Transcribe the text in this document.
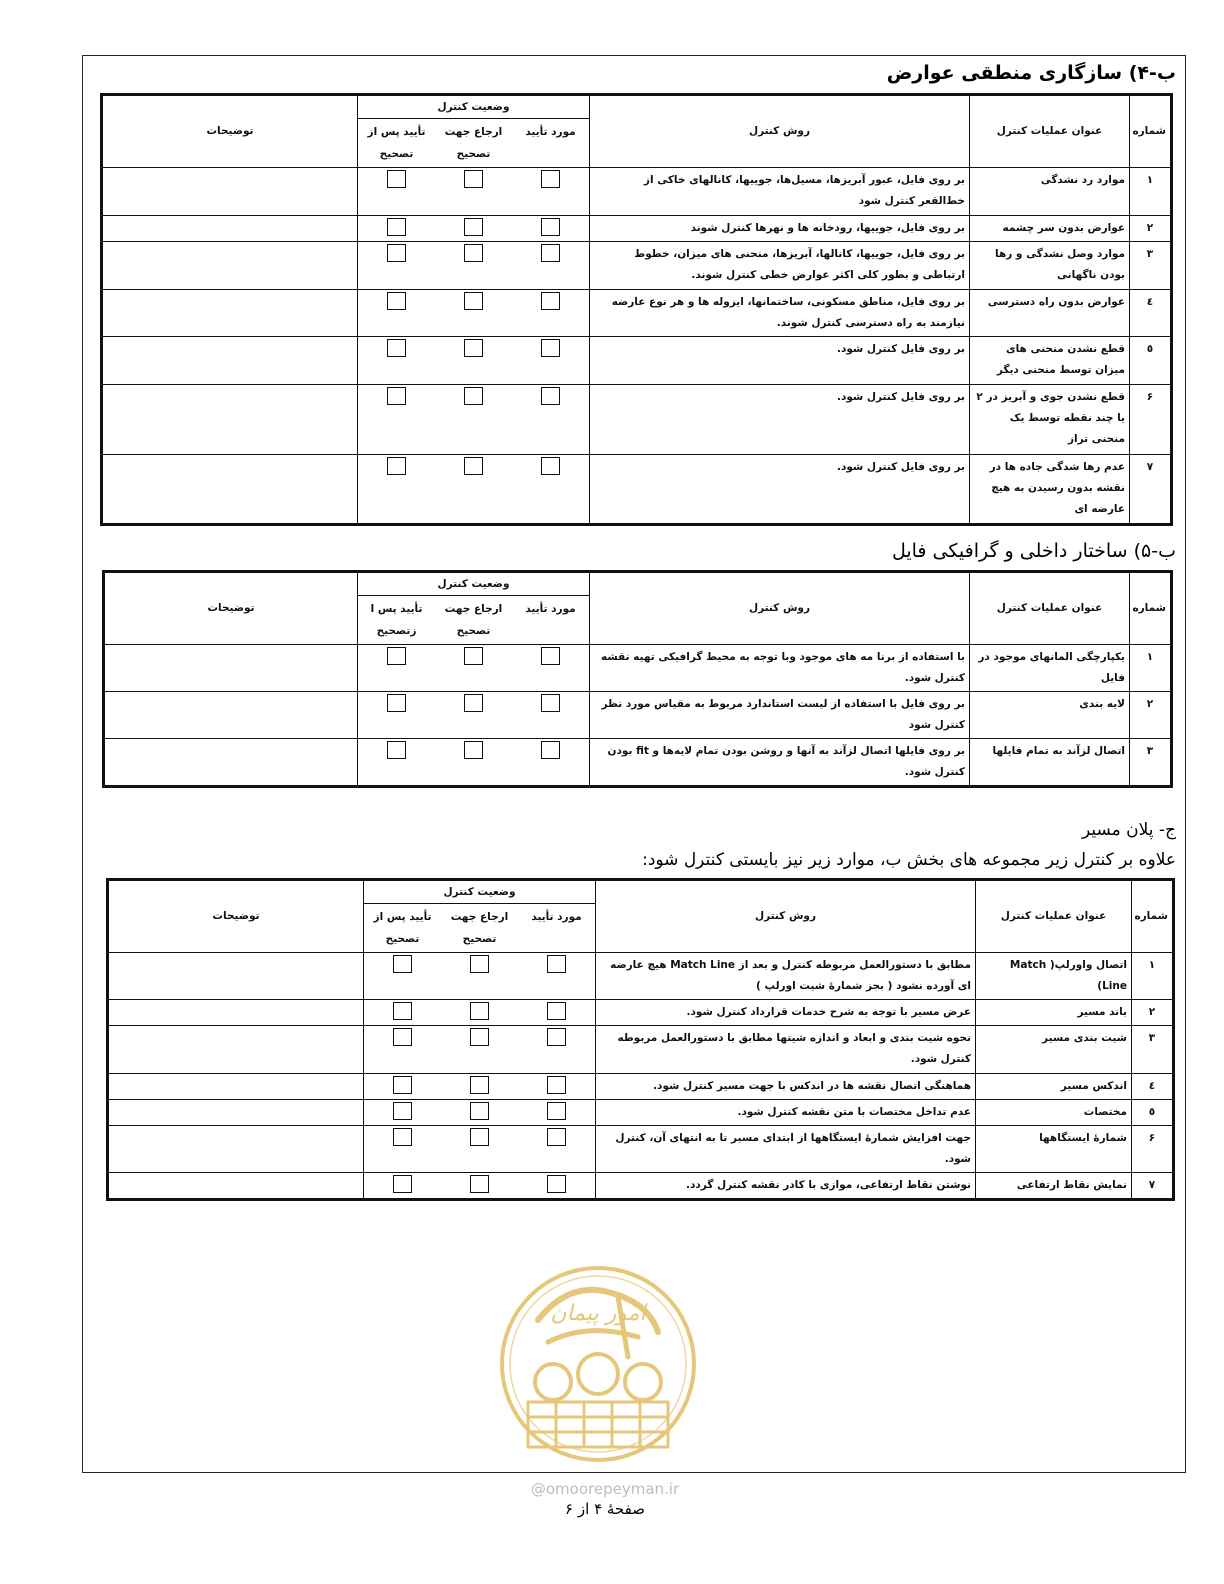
ب-۴) سازگاری منطقی عوارض
شماره	عنوان عملیات کنترل	روش کنترل	وضعیت کنترل
مورد تأیید
ارجاع جهت تصحیح
تأیید پس از تصحیح	توضیحات
۱	موارد رد نشدگی	بر روی فایل، عبور آبریزها، مسیل‌ها، جوییها، کانالهای خاکی از خط‌القعر کنترل شود	

۲	عوارض بدون سر چشمه	بر روی فایل، جوییها، رودخانه ها و نهرها کنترل شوند	

۳	موارد وصل نشدگی و رها بودن ناگهانی	بر روی فایل، جوییها، کانالها، آبریزها، منحنی های میزان، خطوط ارتباطی و بطور کلی اکثر عوارض خطی کنترل شوند.	

٤	عوارض بدون راه دسترسی	بر روی فایل، مناطق مسکونی، ساختمانها، ایزوله ها و هر نوع عارضه نیازمند به راه دسترسی کنترل شوند.	

٥	قطع نشدن منحنی های میزان توسط منحنی دیگر	بر روی فایل کنترل شود.	

۶	قطع نشدن جوی و آبریز در ۲ یا چند نقطه توسط یک منحنی تراز	بر روی فایل کنترل شود.	

۷	عدم رها شدگی جاده ها در نقشه بدون رسیدن به هیچ عارضه ای	بر روی فایل کنترل شود.	

ب-۵) ساختار داخلی و گرافیکی فایل
شماره	عنوان عملیات کنترل	روش کنترل	وضعیت کنترل
مورد تأیید
ارجاع جهت تصحیح
تأیید پس ا زتصحیح	توضیحات
۱	یکپارچگی المانهای موجود در فایل	با استفاده از برنا مه های موجود وبا توجه به محیط گرافیکی تهیه نقشه کنترل شود.	

۲	لایه بندی	بر روی فایل با استفاده از لیست استاندارد مربوط به مقیاس مورد نظر کنترل شود	

۳	اتصال لزآند به تمام فایلها	بر روی فایلها اتصال لزآند به آنها و روشن بودن تمام لایه‌ها و fit بودن کنترل شود.	

ج- پلان مسیر
علاوه بر کنترل زیر مجموعه های بخش ب، موارد زیر نیز بایستی کنترل شود:
شماره	عنوان عملیات کنترل	روش کنترل	وضعیت کنترل
مورد تأیید
ارجاع جهت تصحیح
تأیید پس از تصحیح	توضیحات
۱	اتصال واورلپ( Match Line)	مطابق با دستورالعمل مربوطه کنترل و بعد از Match Line هیچ عارضه ای آورده نشود ( بجز شمارهٔ شیت اورلپ )	

۲	باند مسیر	عرض مسیر با توجه به شرح خدمات قرارداد کنترل شود.	

۳	شیت بندی مسیر	نحوه شیت بندی و ابعاد و اندازه شیتها مطابق با دستورالعمل مربوطه کنترل شود.	

٤	اندکس مسیر	هماهنگی اتصال نقشه ها در اندکس با جهت مسیر کنترل شود.	

٥	مختصات	عدم تداخل مختصات با متن نقشه کنترل شود.	

۶	شمارهٔ ایستگاهها	جهت افزایش شمارهٔ ایستگاهها از ابتدای مسیر تا به انتهای آن، کنترل شود.	

۷	نمایش نقاط ارتفاعی	نوشتن نقاط ارتفاعی، موازی با کادر نقشه کنترل گردد.	

امور پیمان
@omoorepeyman.ir
صفحهٔ ۴ از ۶
